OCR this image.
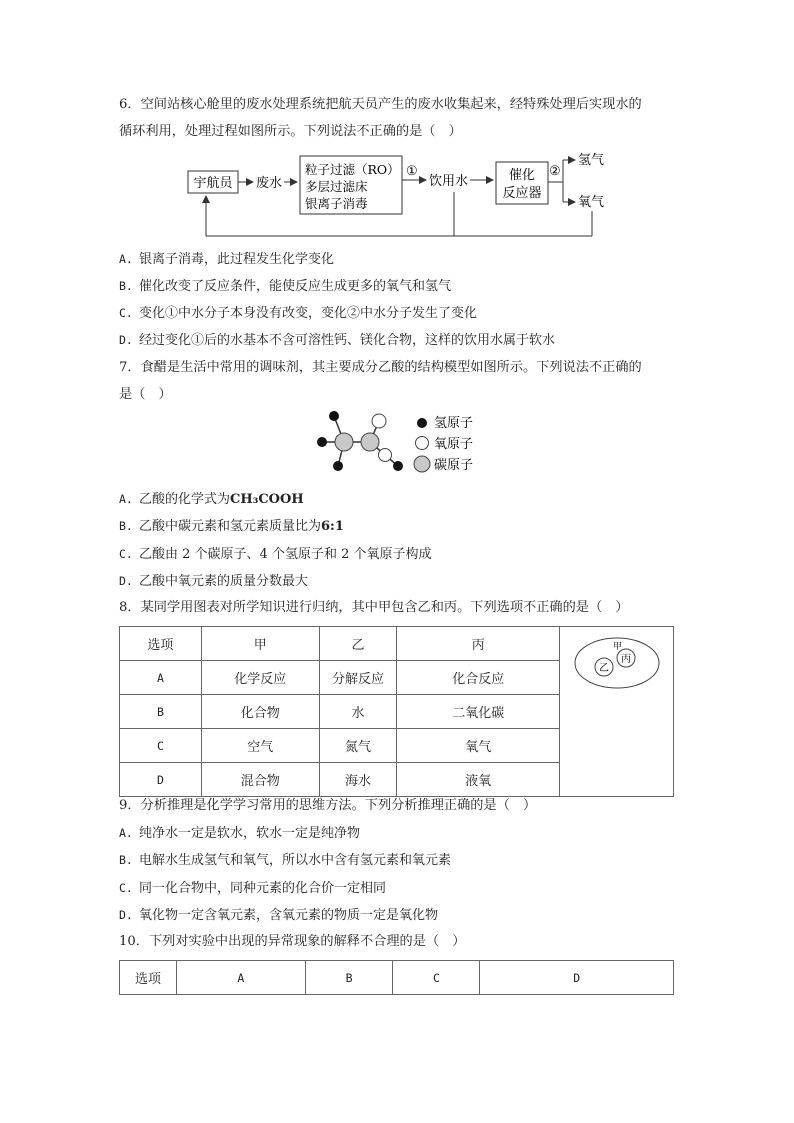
6．空间站核心舱里的废水处理系统把航天员产生的废水收集起来，经特殊处理后实现水的
循环利用，处理过程如图所示。下列说法不正确的是（　）
宇航员 废水
粒子过滤（RO）
多层过滤床
银离子消毒
①
饮用水	催化
反应器
②
氢气
氧气
A. 银离子消毒，此过程发生化学变化
B. 催化改变了反应条件，能使反应生成更多的氧气和氢气
C. 变化①中水分子本身没有改变，变化②中水分子发生了变化
D. 经过变化①后的水基本不含可溶性钙、镁化合物，这样的饮用水属于软水
7．食醋是生活中常用的调味剂，其主要成分乙酸的结构模型如图所示。下列说法不正确的
是（　）
氢原子
氧原子
碳原子
A. 乙酸的化学式为CH₃COOH
B. 乙酸中碳元素和氢元素质量比为6:1
C. 乙酸由 2 个碳原子、4 个氢原子和 2 个氧原子构成
D. 乙酸中氧元素的质量分数最大
8．某同学用图表对所学知识进行归纳，其中甲包含乙和丙。下列选项不正确的是（　）
选项	甲	乙	丙	甲
乙
丙

A	化学反应	分解反应	化合反应	
B	化合物	水	二氧化碳	
C	空气	氮气	氧气	
D	混合物	海水	液氧	
9．分析推理是化学学习常用的思维方法。下列分析推理正确的是（　）
A. 纯净水一定是软水，软水一定是纯净物
B. 电解水生成氢气和氧气，所以水中含有氢元素和氧元素
C. 同一化合物中，同种元素的化合价一定相同
D. 氧化物一定含氧元素，含氧元素的物质一定是氧化物
10．下列对实验中出现的异常现象的解释不合理的是（　）
选项	A	B	C	D
